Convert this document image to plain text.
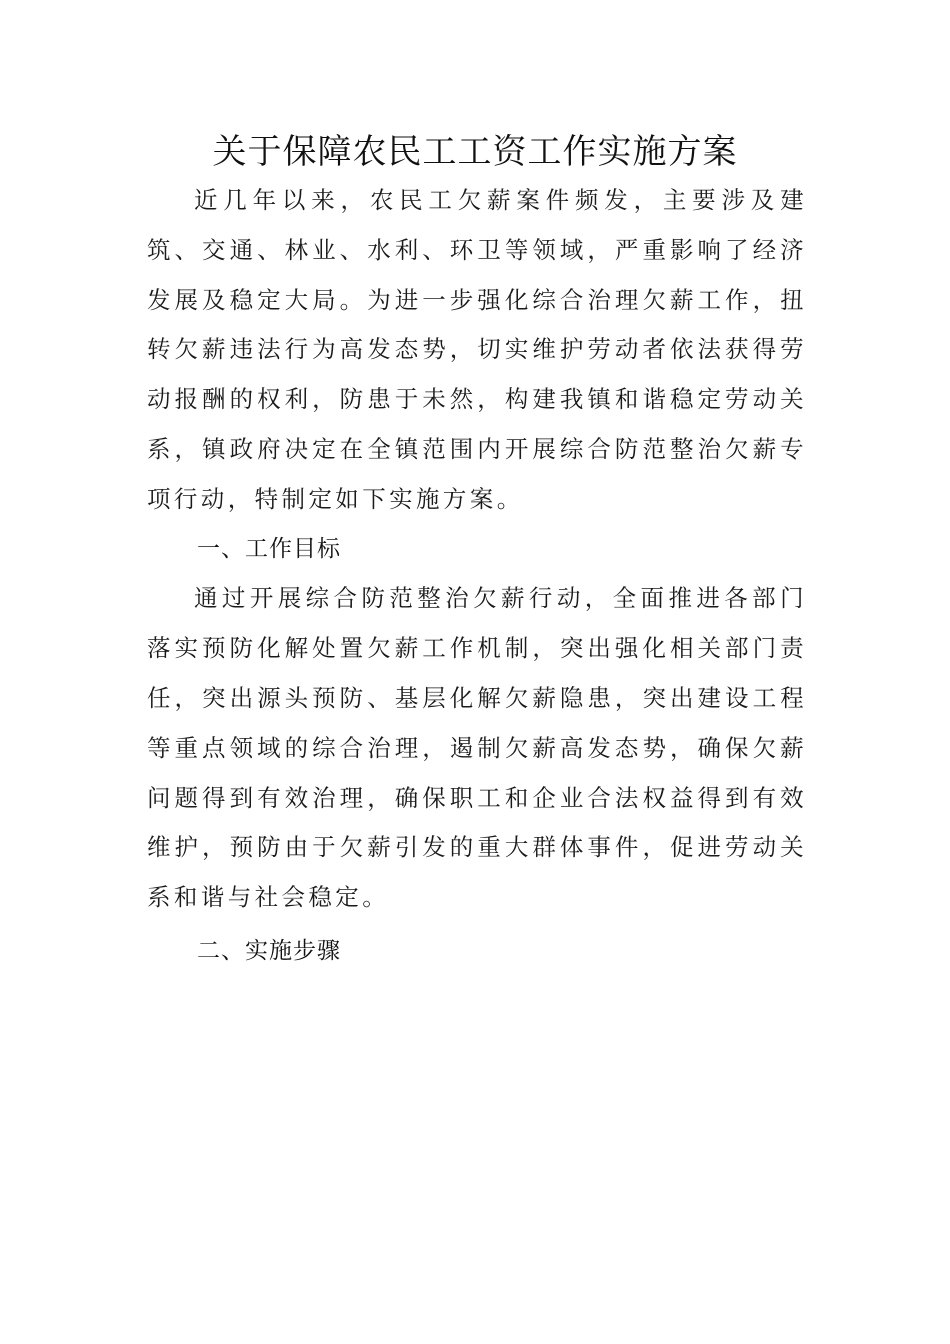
关于保障农民工工资工作实施方案

近几年以来，农民工欠薪案件频发，主要涉及建筑、交通、林业、水利、环卫等领域，严重影响了经济发展及稳定大局。为进一步强化综合治理欠薪工作，扭转欠薪违法行为高发态势，切实维护劳动者依法获得劳动报酬的权利，防患于未然，构建我镇和谐稳定劳动关系，镇政府决定在全镇范围内开展综合防范整治欠薪专项行动，特制定如下实施方案。

一、工作目标

通过开展综合防范整治欠薪行动，全面推进各部门落实预防化解处置欠薪工作机制，突出强化相关部门责任，突出源头预防、基层化解欠薪隐患，突出建设工程等重点领域的综合治理，遏制欠薪高发态势，确保欠薪问题得到有效治理，确保职工和企业合法权益得到有效维护，预防由于欠薪引发的重大群体事件，促进劳动关系和谐与社会稳定。

二、实施步骤
